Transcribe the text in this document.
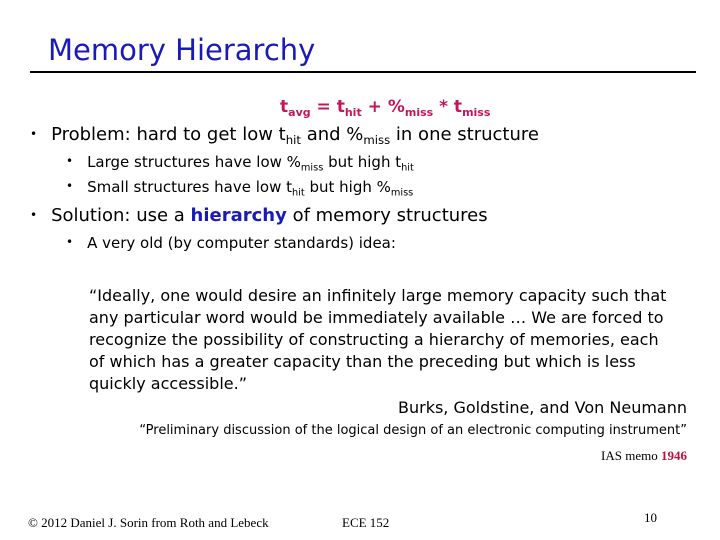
Memory Hierarchy
$t_{avg} = t_{hit} + \%_{miss} * t_{miss}$
• Problem: hard to get low $t_{hit}$ and $\%_{miss}$ in one structure
• Large structures have low $\%_{miss}$ but high $t_{hit}$
• Small structures have low $t_{hit}$ but high $\%_{miss}$
• Solution: use a hierarchy of memory structures
• A very old (by computer standards) idea:
“Ideally, one would desire an infinitely large memory capacity such that any particular word would be immediately available … We are forced to recognize the possibility of constructing a hierarchy of memories, each of which has a greater capacity than the preceding but which is less quickly accessible.”
Burks, Goldstine, and Von Neumann
“Preliminary discussion of the logical design of an electronic computing instrument”
IAS memo 1946
© 2012 Daniel J. Sorin from Roth and Lebeck	ECE 152	10
